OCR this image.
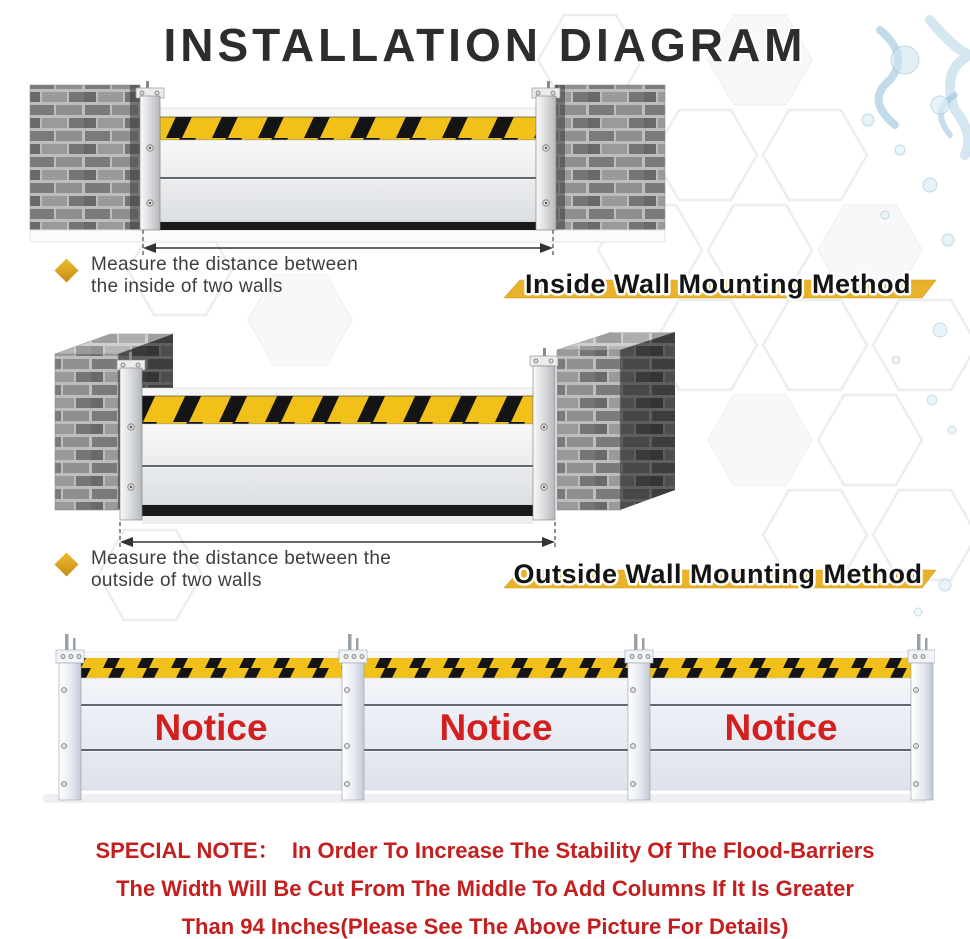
INSTALLATION DIAGRAM
Measure the distance between
the inside of two walls	Inside Wall Mounting Method
Measure the distance between the
outside of two walls	Outside Wall Mounting Method
Notice	Notice	Notice
SPECIAL NOTE：  In Order To Increase The Stability Of The Flood-Barriers
The Width Will Be Cut From The Middle To Add Columns If It Is Greater
Than 94 Inches(Please See The Above Picture For Details)
